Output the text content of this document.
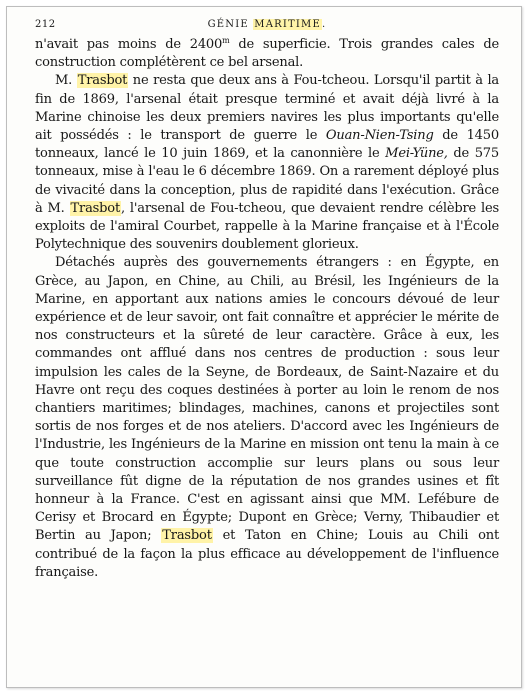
212	GÉNIE MARITIME.

n'avait pas moins de 2400$^m$ de superficie. Trois grandes cales de construction complétèrent ce bel arsenal.

M. Trasbot ne resta que deux ans à Fou-tcheou. Lorsqu'il partit à la fin de 1869, l'arsenal était presque terminé et avait déjà livré à la Marine chinoise les deux premiers navires les plus importants qu'elle ait possédés : le transport de guerre le Ouan-Nien-Tsing de 1450 tonneaux, lancé le 10 juin 1869, et la canonnière le Mei-Yüne, de 575 tonneaux, mise à l'eau le 6 décembre 1869. On a rarement déployé plus de vivacité dans la conception, plus de rapidité dans l'exécution. Grâce à M. Trasbot, l'arsenal de Fou-tcheou, que devaient rendre célèbre les exploits de l'amiral Courbet, rappelle à la Marine française et à l'École Polytechnique des souvenirs doublement glorieux.

Détachés auprès des gouvernements étrangers : en Égypte, en Grèce, au Japon, en Chine, au Chili, au Brésil, les Ingénieurs de la Marine, en apportant aux nations amies le concours dévoué de leur expérience et de leur savoir, ont fait connaître et apprécier le mérite de nos constructeurs et la sûreté de leur caractère. Grâce à eux, les commandes ont afflué dans nos centres de production : sous leur impulsion les cales de la Seyne, de Bordeaux, de Saint-Nazaire et du Havre ont reçu des coques destinées à porter au loin le renom de nos chantiers maritimes; blindages, machines, canons et projectiles sont sortis de nos forges et de nos ateliers. D'accord avec les Ingénieurs de l'Industrie, les Ingénieurs de la Marine en mission ont tenu la main à ce que toute construction accomplie sur leurs plans ou sous leur surveillance fût digne de la réputation de nos grandes usines et fît honneur à la France. C'est en agissant ainsi que MM. Lefébure de Cerisy et Brocard en Égypte; Dupont en Grèce; Verny, Thibaudier et Bertin au Japon; Trasbot et Taton en Chine; Louis au Chili ont contribué de la façon la plus efficace au développement de l'influence française.
